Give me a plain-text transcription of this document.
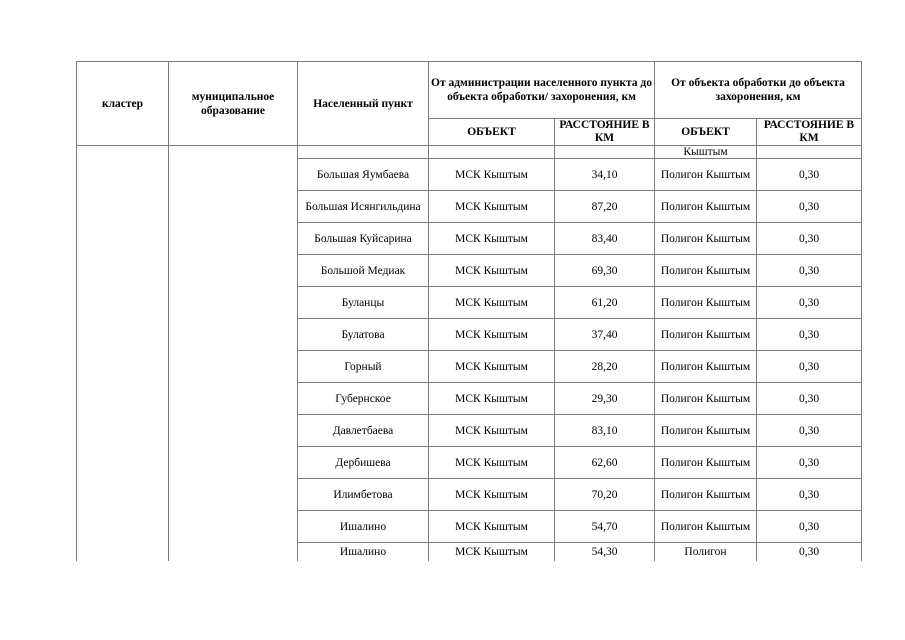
кластер	муниципальное образование	Населенный пункт	От администрации населенного пункта до объекта обработки/ захоронения, км		От объекта обработки до объекта захоронения, км	
			ОБЪЕКТ	РАССТОЯНИЕ В КМ	ОБЪЕКТ	РАССТОЯНИЕ В КМ
					Кыштым	
		Большая Яумбаева	МСК Кыштым	34,10	Полигон Кыштым	0,30
		Большая Исянгильдина	МСК Кыштым	87,20	Полигон Кыштым	0,30
		Большая Куйсарина	МСК Кыштым	83,40	Полигон Кыштым	0,30
		Большой Медиак	МСК Кыштым	69,30	Полигон Кыштым	0,30
		Буланцы	МСК Кыштым	61,20	Полигон Кыштым	0,30
		Булатова	МСК Кыштым	37,40	Полигон Кыштым	0,30
		Горный	МСК Кыштым	28,20	Полигон Кыштым	0,30
		Губернское	МСК Кыштым	29,30	Полигон Кыштым	0,30
		Давлетбаева	МСК Кыштым	83,10	Полигон Кыштым	0,30
		Дербишева	МСК Кыштым	62,60	Полигон Кыштым	0,30
		Илимбетова	МСК Кыштым	70,20	Полигон Кыштым	0,30
		Ишалино	МСК Кыштым	54,70	Полигон Кыштым	0,30
		Ишалино	МСК Кыштым	54,30	Полигон	0,30
